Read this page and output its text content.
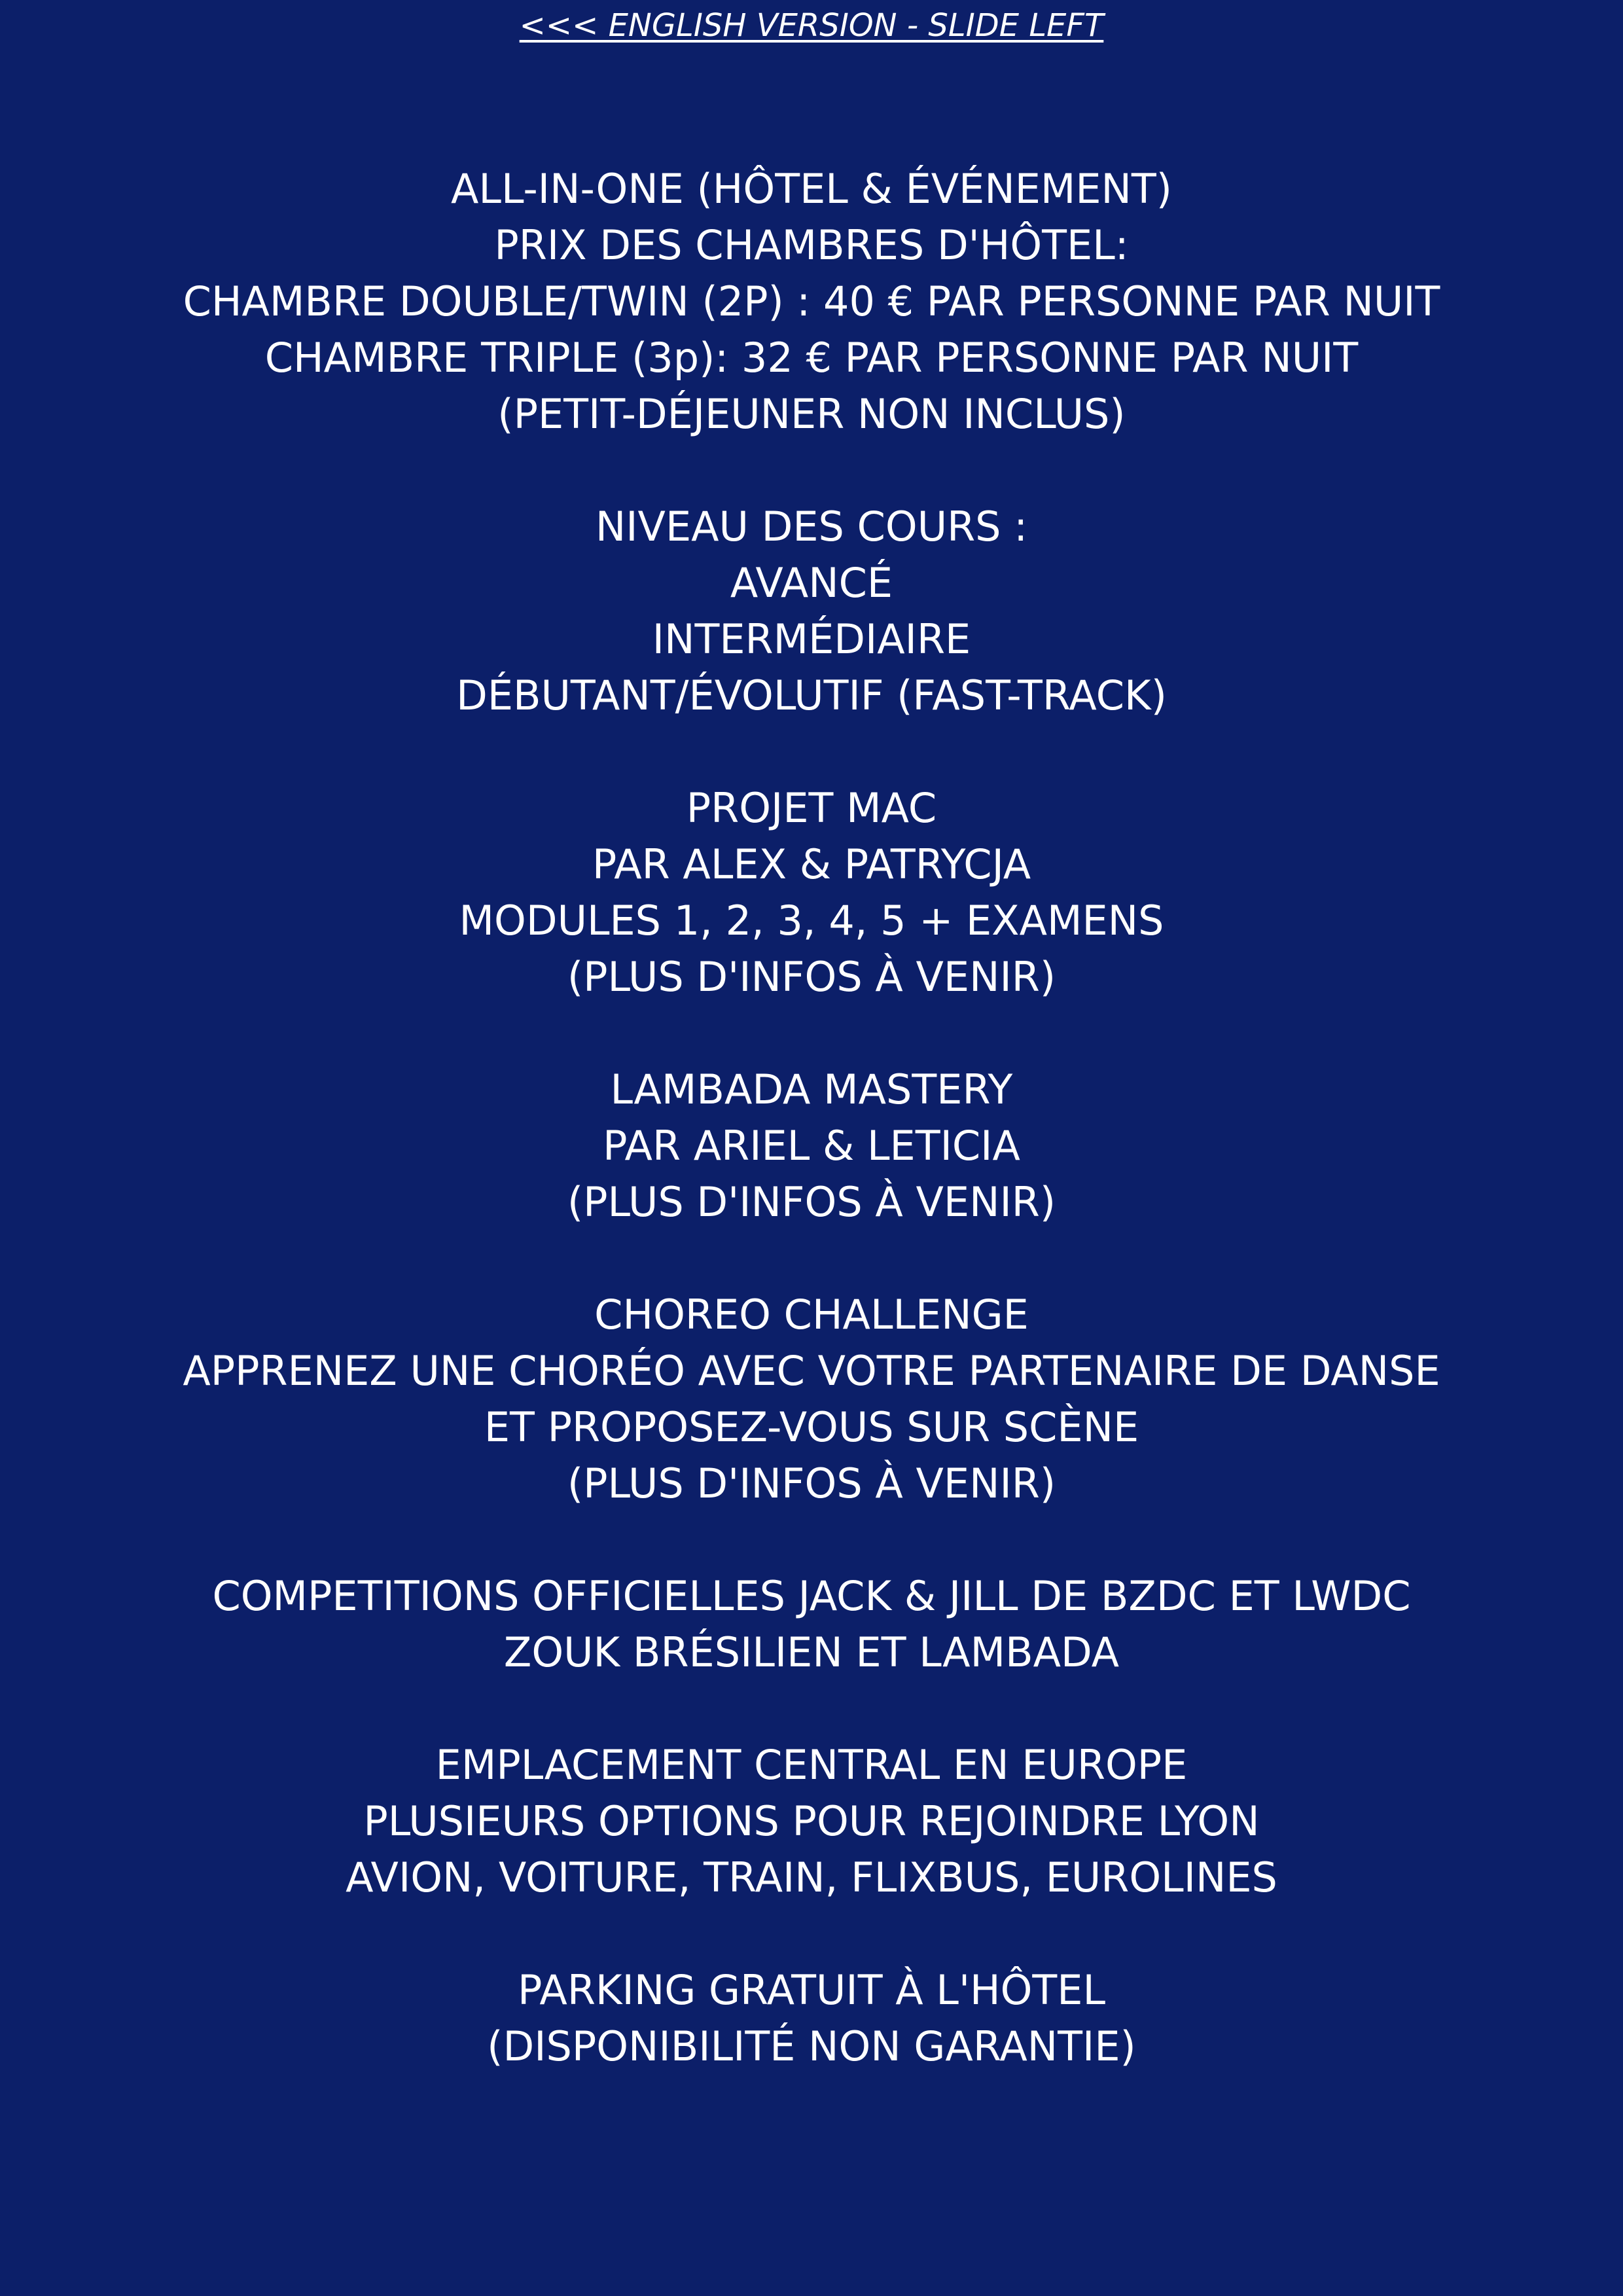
<<< ENGLISH VERSION - SLIDE LEFT
ALL-IN-ONE (HÔTEL & ÉVÉNEMENT)
PRIX DES CHAMBRES D'HÔTEL:
CHAMBRE DOUBLE/TWIN (2P) : 40 € PAR PERSONNE PAR NUIT
CHAMBRE TRIPLE (3p): 32 € PAR PERSONNE PAR NUIT
(PETIT-DÉJEUNER NON INCLUS)
NIVEAU DES COURS :
AVANCÉ
INTERMÉDIAIRE
DÉBUTANT/ÉVOLUTIF (FAST-TRACK)
PROJET MAC
PAR ALEX & PATRYCJA
MODULES 1, 2, 3, 4, 5 + EXAMENS
(PLUS D'INFOS À VENIR)
LAMBADA MASTERY
PAR ARIEL & LETICIA
(PLUS D'INFOS À VENIR)
CHOREO CHALLENGE
APPRENEZ UNE CHORÉO AVEC VOTRE PARTENAIRE DE DANSE
ET PROPOSEZ-VOUS SUR SCÈNE
(PLUS D'INFOS À VENIR)
COMPETITIONS OFFICIELLES JACK & JILL DE BZDC ET LWDC
ZOUK BRÉSILIEN ET LAMBADA
EMPLACEMENT CENTRAL EN EUROPE
PLUSIEURS OPTIONS POUR REJOINDRE LYON
AVION, VOITURE, TRAIN, FLIXBUS, EUROLINES
PARKING GRATUIT À L'HÔTEL
(DISPONIBILITÉ NON GARANTIE)
